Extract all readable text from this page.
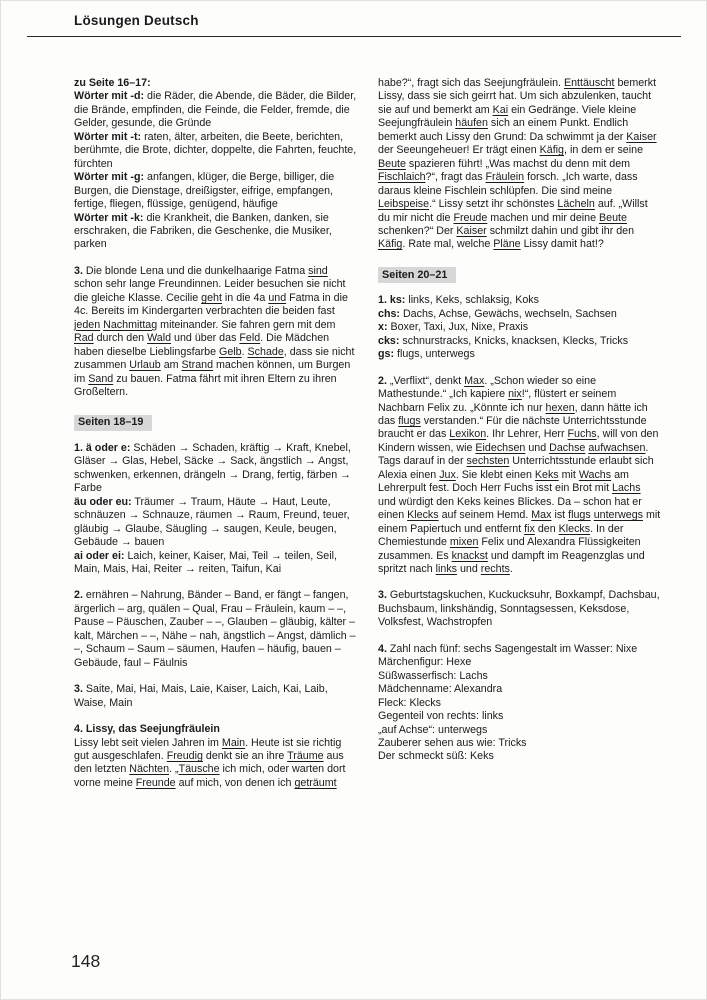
Lösungen Deutsch
zu Seite 16–17:
Wörter mit -d: die Räder, die Abende, die Bäder, die Bilder, die Brände, empfinden, die Feinde, die Felder, fremde, die Gelder, gesunde, die Gründe
Wörter mit -t: raten, älter, arbeiten, die Beete, berichten, berühmte, die Brote, dichter, doppelte, die Fahrten, feuchte, fürchten
Wörter mit -g: anfangen, klüger, die Berge, billiger, die Burgen, die Dienstage, dreißigster, eifrige, empfangen, fertige, fliegen, flüssige, genügend, häufige
Wörter mit -k: die Krankheit, die Banken, danken, sie erschraken, die Fabriken, die Geschenke, die Musiker, parken
3. Die blonde Lena und die dunkelhaarige Fatma sind schon sehr lange Freundinnen. Leider besuchen sie nicht die gleiche Klasse. Cecilie geht in die 4a und Fatma in die 4c. Bereits im Kindergarten verbrachten die beiden fast jeden Nachmittag miteinander. Sie fahren gern mit dem Rad durch den Wald und über das Feld. Die Mädchen haben dieselbe Lieblingsfarbe Gelb. Schade, dass sie nicht zusammen Urlaub am Strand machen können, um Burgen im Sand zu bauen. Fatma fährt mit ihren Eltern zu ihren Großeltern.
Seiten 18–19
1. ä oder e: Schäden → Schaden, kräftig → Kraft, Knebel, Gläser → Glas, Hebel, Säcke → Sack, ängstlich → Angst, schwenken, erkennen, drängeln → Drang, fertig, färben → Farbe
äu oder eu: Träumer → Traum, Häute → Haut, Leute, schnäuzen → Schnauze, räumen → Raum, Freund, teuer, gläubig → Glaube, Säugling → saugen, Keule, beugen, Gebäude → bauen
ai oder ei: Laich, keiner, Kaiser, Mai, Teil → teilen, Seil, Main, Mais, Hai, Reiter → reiten, Taifun, Kai
2. ernähren – Nahrung, Bänder – Band, er fängt – fangen, ärgerlich – arg, quälen – Qual, Frau – Fräulein, kaum – –, Pause – Päuschen, Zauber – –, Glauben – gläubig, kälter – kalt, Märchen – –, Nähe – nah, ängstlich – Angst, dämlich – –, Schaum – Saum – säumen, Haufen – häufig, bauen – Gebäude, faul – Fäulnis
3. Saite, Mai, Hai, Mais, Laie, Kaiser, Laich, Kai, Laib, Waise, Main
4. Lissy, das Seejungfräulein
Lissy lebt seit vielen Jahren im Main. Heute ist sie richtig gut ausgeschlafen. Freudig denkt sie an ihre Träume aus den letzten Nächten. „Täusche ich mich, oder warten dort vorne meine Freunde auf mich, von denen ich geträumt
habe?“, fragt sich das Seejungfräulein. Enttäuscht bemerkt Lissy, dass sie sich geirrt hat. Um sich abzulenken, taucht sie auf und bemerkt am Kai ein Gedränge. Viele kleine Seejungfräulein häufen sich an einem Punkt. Endlich bemerkt auch Lissy den Grund: Da schwimmt ja der Kaiser der Seeungeheuer! Er trägt einen Käfig, in dem er seine Beute spazieren führt! „Was machst du denn mit dem Fischlaich?“, fragt das Fräulein forsch. „Ich warte, dass daraus kleine Fischlein schlüpfen. Die sind meine Leibspeise.“ Lissy setzt ihr schönstes Lächeln auf. „Willst du mir nicht die Freude machen und mir deine Beute schenken?“ Der Kaiser schmilzt dahin und gibt ihr den Käfig. Rate mal, welche Pläne Lissy damit hat!?
Seiten 20–21
1. ks: links, Keks, schlaksig, Koks
chs: Dachs, Achse, Gewächs, wechseln, Sachsen
x: Boxer, Taxi, Jux, Nixe, Praxis
cks: schnurstracks, Knicks, knacksen, Klecks, Tricks
gs: flugs, unterwegs
2. „Verflixt“, denkt Max. „Schon wieder so eine Mathestunde.“ „Ich kapiere nix!“, flüstert er seinem Nachbarn Felix zu. „Könnte ich nur hexen, dann hätte ich das flugs verstanden.“ Für die nächste Unterrichtsstunde braucht er das Lexikon. Ihr Lehrer, Herr Fuchs, will von den Kindern wissen, wie Eidechsen und Dachse aufwachsen. Tags darauf in der sechsten Unterrichtsstunde erlaubt sich Alexia einen Jux. Sie klebt einen Keks mit Wachs am Lehrerpult fest. Doch Herr Fuchs isst ein Brot mit Lachs und würdigt den Keks keines Blickes. Da – schon hat er einen Klecks auf seinem Hemd. Max ist flugs unterwegs mit einem Papiertuch und entfernt fix den Klecks. In der Chemiestunde mixen Felix und Alexandra Flüssigkeiten zusammen. Es knackst und dampft im Reagenzglas und spritzt nach links und rechts.
3. Geburtstagskuchen, Kuckucksuhr, Boxkampf, Dachsbau, Buchsbaum, linkshändig, Sonntagsessen, Keksdose, Volksfest, Wachstropfen
4. Zahl nach fünf: sechs Sagengestalt im Wasser: Nixe
Märchenfigur: Hexe
Süßwasserfisch: Lachs
Mädchenname: Alexandra
Fleck: Klecks
Gegenteil von rechts: links
„auf Achse“: unterwegs
Zauberer sehen aus wie: Tricks
Der schmeckt süß: Keks
148
